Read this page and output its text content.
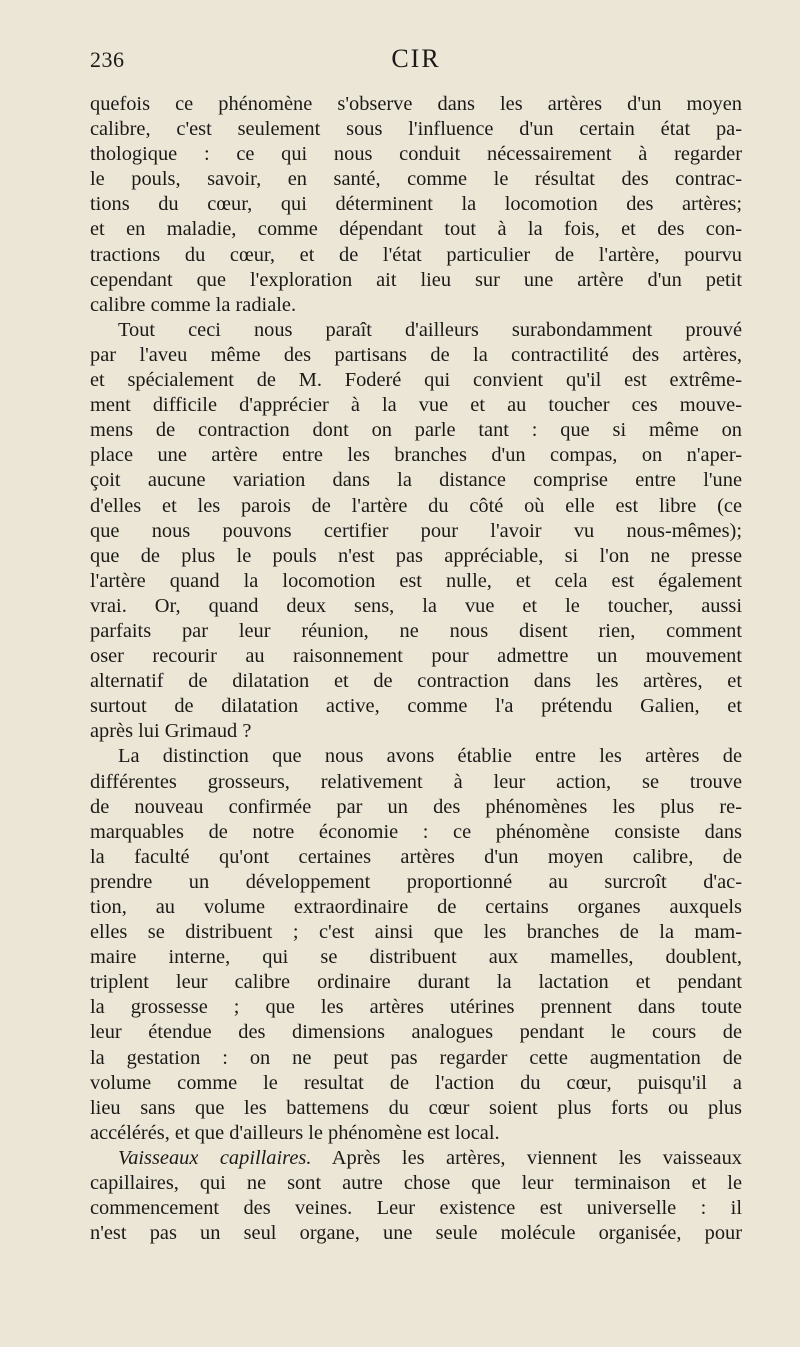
236	CIR
quefois ce phénomène s'observe dans les artères d'un moyen
calibre, c'est seulement sous l'influence d'un certain état pa-
thologique : ce qui nous conduit nécessairement à regarder
le pouls, savoir, en santé, comme le résultat des contrac-
tions du cœur, qui déterminent la locomotion des artères;
et en maladie, comme dépendant tout à la fois, et des con-
tractions du cœur, et de l'état particulier de l'artère, pourvu
cependant que l'exploration ait lieu sur une artère d'un petit
calibre comme la radiale.
Tout ceci nous paraît d'ailleurs surabondamment prouvé
par l'aveu même des partisans de la contractilité des artères,
et spécialement de M. Foderé qui convient qu'il est extrême-
ment difficile d'apprécier à la vue et au toucher ces mouve-
mens de contraction dont on parle tant : que si même on
place une artère entre les branches d'un compas, on n'aper-
çoit aucune variation dans la distance comprise entre l'une
d'elles et les parois de l'artère du côté où elle est libre (ce
que nous pouvons certifier pour l'avoir vu nous-mêmes);
que de plus le pouls n'est pas appréciable, si l'on ne presse
l'artère quand la locomotion est nulle, et cela est également
vrai. Or, quand deux sens, la vue et le toucher, aussi
parfaits par leur réunion, ne nous disent rien, comment
oser recourir au raisonnement pour admettre un mouvement
alternatif de dilatation et de contraction dans les artères, et
surtout de dilatation active, comme l'a prétendu Galien, et
après lui Grimaud ?
La distinction que nous avons établie entre les artères de
différentes grosseurs, relativement à leur action, se trouve
de nouveau confirmée par un des phénomènes les plus re-
marquables de notre économie : ce phénomène consiste dans
la faculté qu'ont certaines artères d'un moyen calibre, de
prendre un développement proportionné au surcroît d'ac-
tion, au volume extraordinaire de certains organes auxquels
elles se distribuent ; c'est ainsi que les branches de la mam-
maire interne, qui se distribuent aux mamelles, doublent,
triplent leur calibre ordinaire durant la lactation et pendant
la grossesse ; que les artères utérines prennent dans toute
leur étendue des dimensions analogues pendant le cours de
la gestation : on ne peut pas regarder cette augmentation de
volume comme le resultat de l'action du cœur, puisqu'il a
lieu sans que les battemens du cœur soient plus forts ou plus
accélérés, et que d'ailleurs le phénomène est local.
Vaisseaux capillaires. Après les artères, viennent les vaisseaux
capillaires, qui ne sont autre chose que leur terminaison et le
commencement des veines. Leur existence est universelle : il
n'est pas un seul organe, une seule molécule organisée, pour
